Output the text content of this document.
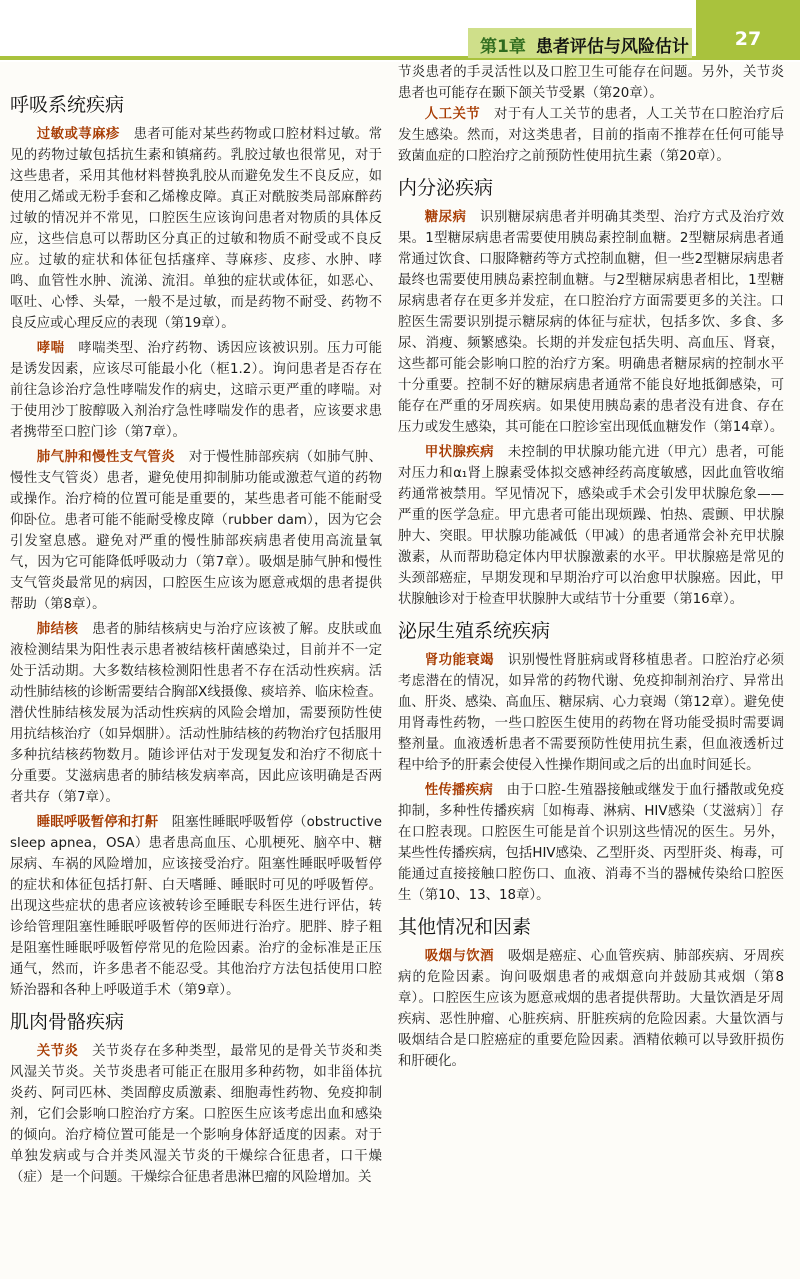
第1章 患者评估与风险估计	27
呼吸系统疾病

过敏或荨麻疹　 患者可能对某些药物或口腔材料过敏。常见的药物过敏包括抗生素和镇痛药。乳胶过敏也很常见，对于这些患者，采用其他材料替换乳胶从而避免发生不良反应，如使用乙烯或无粉手套和乙烯橡皮障。真正对酰胺类局部麻醉药过敏的情况并不常见，口腔医生应该询问患者对物质的具体反应，这些信息可以帮助区分真正的过敏和物质不耐受或不良反应。过敏的症状和体征包括瘙痒、荨麻疹、皮疹、水肿、哮鸣、血管性水肿、流涕、流泪。单独的症状或体征，如恶心、呕吐、心悸、头晕，一般不是过敏，而是药物不耐受、药物不良反应或心理反应的表现（第19章）。

哮喘　 哮喘类型、治疗药物、诱因应该被识别。压力可能是诱发因素，应该尽可能最小化（框1.2）。询问患者是否存在前往急诊治疗急性哮喘发作的病史，这暗示更严重的哮喘。对于使用沙丁胺醇吸入剂治疗急性哮喘发作的患者，应该要求患者携带至口腔门诊（第7章）。

肺气肿和慢性支气管炎　 对于慢性肺部疾病（如肺气肿、慢性支气管炎）患者，避免使用抑制肺功能或激惹气道的药物或操作。治疗椅的位置可能是重要的，某些患者可能不能耐受仰卧位。患者可能不能耐受橡皮障（rubber dam），因为它会引发窒息感。避免对严重的慢性肺部疾病患者使用高流量氧气，因为它可能降低呼吸动力（第7章）。吸烟是肺气肿和慢性支气管炎最常见的病因，口腔医生应该为愿意戒烟的患者提供帮助（第8章）。

肺结核　 患者的肺结核病史与治疗应该被了解。皮肤或血液检测结果为阳性表示患者被结核杆菌感染过，目前并不一定处于活动期。大多数结核检测阳性患者不存在活动性疾病。活动性肺结核的诊断需要结合胸部X线摄像、痰培养、临床检查。潜伏性肺结核发展为活动性疾病的风险会增加，需要预防性使用抗结核治疗（如异烟肼）。活动性肺结核的药物治疗包括服用多种抗结核药物数月。随诊评估对于发现复发和治疗不彻底十分重要。艾滋病患者的肺结核发病率高，因此应该明确是否两者共存（第7章）。

睡眠呼吸暂停和打鼾　 阻塞性睡眠呼吸暂停（obstructive sleep apnea，OSA）患者患高血压、心肌梗死、脑卒中、糖尿病、车祸的风险增加，应该接受治疗。阻塞性睡眠呼吸暂停的症状和体征包括打鼾、白天嗜睡、睡眠时可见的呼吸暂停。出现这些症状的患者应该被转诊至睡眠专科医生进行评估，转诊给管理阻塞性睡眠呼吸暂停的医师进行治疗。肥胖、脖子粗是阻塞性睡眠呼吸暂停常见的危险因素。治疗的金标准是正压通气，然而，许多患者不能忍受。其他治疗方法包括使用口腔矫治器和各种上呼吸道手术（第9章）。

肌肉骨骼疾病

关节炎　 关节炎存在多种类型，最常见的是骨关节炎和类风湿关节炎。关节炎患者可能正在服用多种药物，如非甾体抗炎药、阿司匹林、类固醇皮质激素、细胞毒性药物、免疫抑制剂，它们会影响口腔治疗方案。口腔医生应该考虑出血和感染的倾向。治疗椅位置可能是一个影响身体舒适度的因素。对于单独发病或与合并类风湿关节炎的干燥综合征患者，口干燥（症）是一个问题。干燥综合征患者患淋巴瘤的风险增加。关

节炎患者的手灵活性以及口腔卫生可能存在问题。另外，关节炎患者也可能存在颞下颌关节受累（第20章）。

人工关节　 对于有人工关节的患者，人工关节在口腔治疗后发生感染。然而，对这类患者，目前的指南不推荐在任何可能导致菌血症的口腔治疗之前预防性使用抗生素（第20章）。

内分泌疾病

糖尿病　 识别糖尿病患者并明确其类型、治疗方式及治疗效果。1型糖尿病患者需要使用胰岛素控制血糖。2型糖尿病患者通常通过饮食、口服降糖药等方式控制血糖，但一些2型糖尿病患者最终也需要使用胰岛素控制血糖。与2型糖尿病患者相比，1型糖尿病患者存在更多并发症，在口腔治疗方面需要更多的关注。口腔医生需要识别提示糖尿病的体征与症状，包括多饮、多食、多尿、消瘦、频繁感染。长期的并发症包括失明、高血压、肾衰，这些都可能会影响口腔的治疗方案。明确患者糖尿病的控制水平十分重要。控制不好的糖尿病患者通常不能良好地抵御感染，可能存在严重的牙周疾病。如果使用胰岛素的患者没有进食、存在压力或发生感染，其可能在口腔诊室出现低血糖发作（第14章）。

甲状腺疾病　 未控制的甲状腺功能亢进（甲亢）患者，可能对压力和α₁肾上腺素受体拟交感神经药高度敏感，因此血管收缩药通常被禁用。罕见情况下，感染或手术会引发甲状腺危象——严重的医学急症。甲亢患者可能出现烦躁、怕热、震颤、甲状腺肿大、突眼。甲状腺功能减低（甲减）的患者通常会补充甲状腺激素，从而帮助稳定体内甲状腺激素的水平。甲状腺癌是常见的头颈部癌症，早期发现和早期治疗可以治愈甲状腺癌。因此，甲状腺触诊对于检查甲状腺肿大或结节十分重要（第16章）。

泌尿生殖系统疾病

肾功能衰竭　 识别慢性肾脏病或肾移植患者。口腔治疗必须考虑潜在的情况，如异常的药物代谢、免疫抑制剂治疗、异常出血、肝炎、感染、高血压、糖尿病、心力衰竭（第12章）。避免使用肾毒性药物，一些口腔医生使用的药物在肾功能受损时需要调整剂量。血液透析患者不需要预防性使用抗生素，但血液透析过程中给予的肝素会使侵入性操作期间或之后的出血时间延长。

性传播疾病　 由于口腔-生殖器接触或继发于血行播散或免疫抑制，多种性传播疾病［如梅毒、淋病、HIV感染（艾滋病）］存在口腔表现。口腔医生可能是首个识别这些情况的医生。另外，某些性传播疾病，包括HIV感染、乙型肝炎、丙型肝炎、梅毒，可能通过直接接触口腔伤口、血液、消毒不当的器械传染给口腔医生（第10、13、18章）。

其他情况和因素

吸烟与饮酒　 吸烟是癌症、心血管疾病、肺部疾病、牙周疾病的危险因素。询问吸烟患者的戒烟意向并鼓励其戒烟（第8章）。口腔医生应该为愿意戒烟的患者提供帮助。大量饮酒是牙周疾病、恶性肿瘤、心脏疾病、肝脏疾病的危险因素。大量饮酒与吸烟结合是口腔癌症的重要危险因素。酒精依赖可以导致肝损伤和肝硬化。
